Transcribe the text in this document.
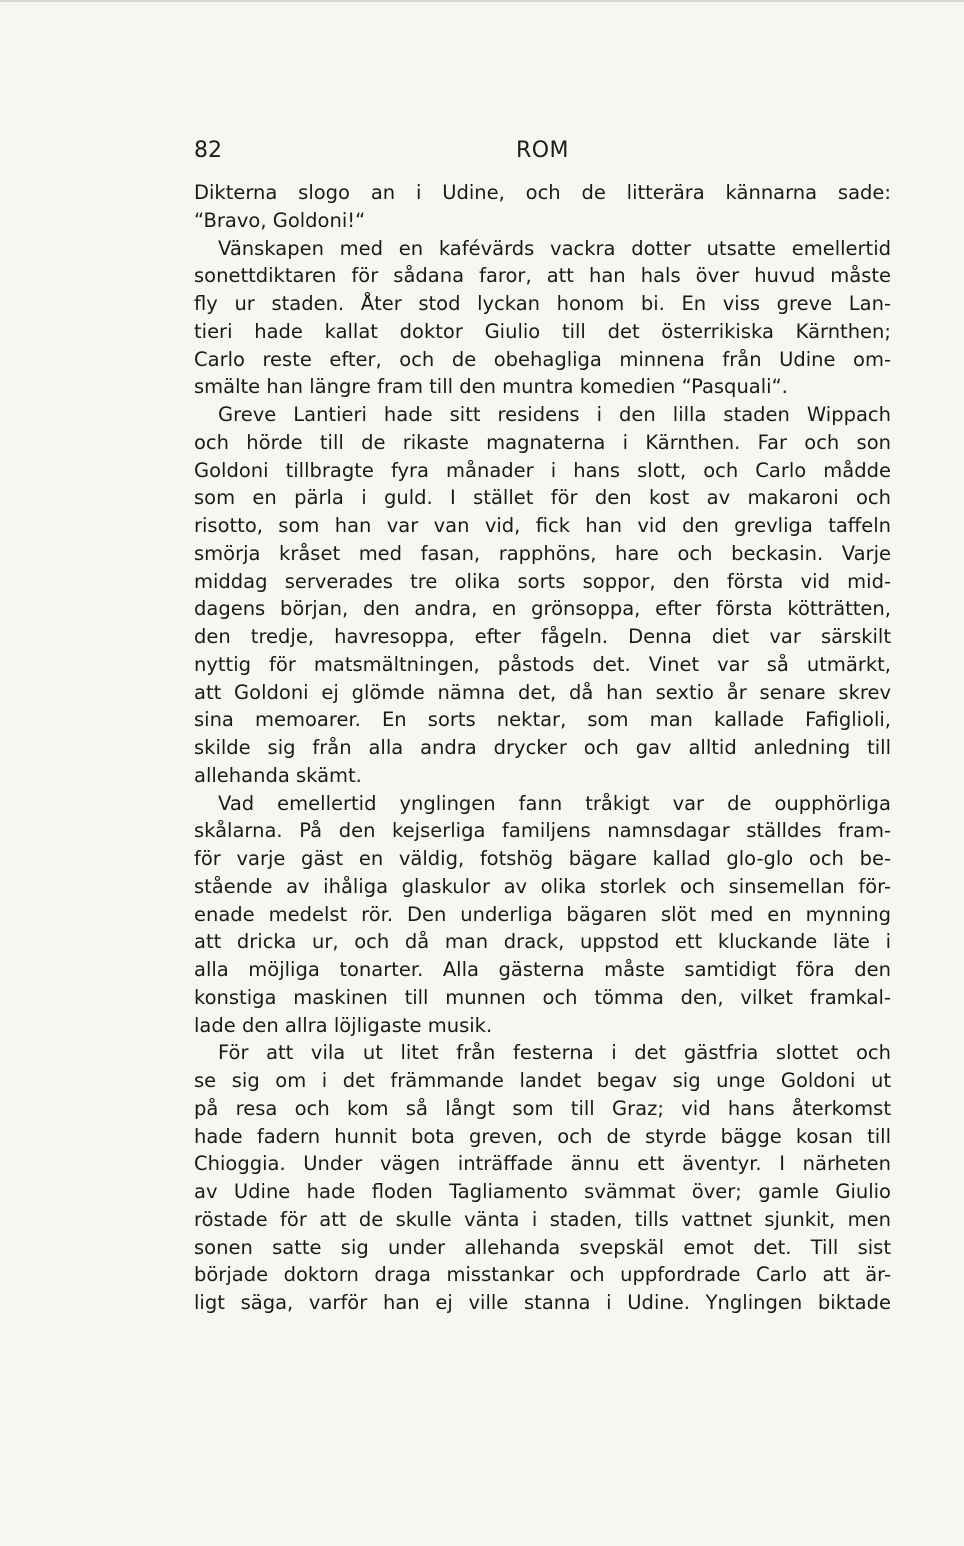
82	ROM

Dikterna slogo an i Udine, och de litterära kännarna sade:

“Bravo, Goldoni!“

Vänskapen med en kafévärds vackra dotter utsatte emellertid

sonettdiktaren för sådana faror, att han hals över huvud måste

fly ur staden. Åter stod lyckan honom bi. En viss greve Lan-

tieri hade kallat doktor Giulio till det österrikiska Kärnthen;

Carlo reste efter, och de obehagliga minnena från Udine om-

smälte han längre fram till den muntra komedien “Pasquali“.

Greve Lantieri hade sitt residens i den lilla staden Wippach

och hörde till de rikaste magnaterna i Kärnthen. Far och son

Goldoni tillbragte fyra månader i hans slott, och Carlo mådde

som en pärla i guld. I stället för den kost av makaroni och

risotto, som han var van vid, fick han vid den grevliga taffeln

smörja kråset med fasan, rapphöns, hare och beckasin. Varje

middag serverades tre olika sorts soppor, den första vid mid-

dagens början, den andra, en grönsoppa, efter första kötträtten,

den tredje, havresoppa, efter fågeln. Denna diet var särskilt

nyttig för matsmältningen, påstods det. Vinet var så utmärkt,

att Goldoni ej glömde nämna det, då han sextio år senare skrev

sina memoarer. En sorts nektar, som man kallade Fafiglioli,

skilde sig från alla andra drycker och gav alltid anledning till

allehanda skämt.

Vad emellertid ynglingen fann tråkigt var de oupphörliga

skålarna. På den kejserliga familjens namnsdagar ställdes fram-

för varje gäst en väldig, fotshög bägare kallad glo-glo och be-

stående av ihåliga glaskulor av olika storlek och sinsemellan för-

enade medelst rör. Den underliga bägaren slöt med en mynning

att dricka ur, och då man drack, uppstod ett kluckande läte i

alla möjliga tonarter. Alla gästerna måste samtidigt föra den

konstiga maskinen till munnen och tömma den, vilket framkal-

lade den allra löjligaste musik.

För att vila ut litet från festerna i det gästfria slottet och

se sig om i det främmande landet begav sig unge Goldoni ut

på resa och kom så långt som till Graz; vid hans återkomst

hade fadern hunnit bota greven, och de styrde bägge kosan till

Chioggia. Under vägen inträffade ännu ett äventyr. I närheten

av Udine hade floden Tagliamento svämmat över; gamle Giulio

röstade för att de skulle vänta i staden, tills vattnet sjunkit, men

sonen satte sig under allehanda svepskäl emot det. Till sist

började doktorn draga misstankar och uppfordrade Carlo att är-

ligt säga, varför han ej ville stanna i Udine. Ynglingen biktade
